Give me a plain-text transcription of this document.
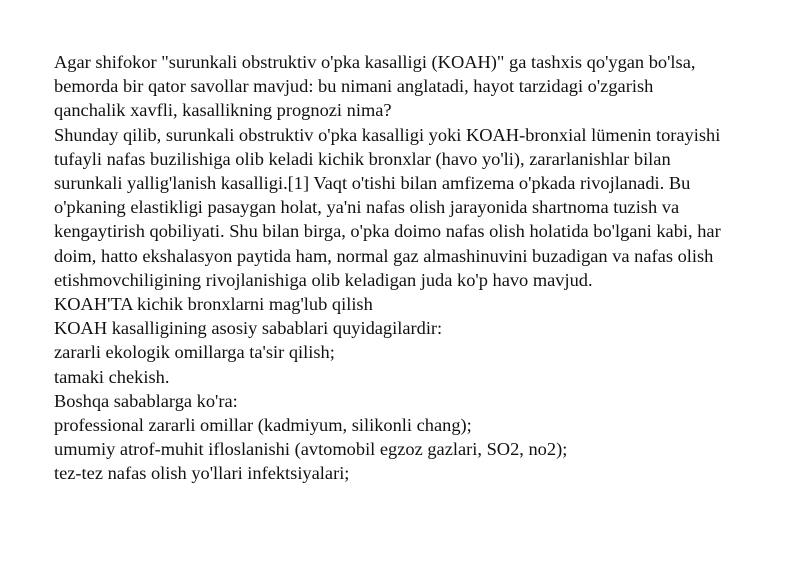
Agar shifokor "surunkali obstruktiv o'pka kasalligi (KOAH)" ga tashxis qo'ygan bo'lsa,
bemorda bir qator savollar mavjud: bu nimani anglatadi, hayot tarzidagi o'zgarish
qanchalik xavfli, kasallikning prognozi nima?
Shunday qilib, surunkali obstruktiv o'pka kasalligi yoki KOAH-bronxial lümenin torayishi
tufayli nafas buzilishiga olib keladi kichik bronxlar (havo yo'li), zararlanishlar bilan
surunkali yallig'lanish kasalligi.[1] Vaqt o'tishi bilan amfizema o'pkada rivojlanadi. Bu
o'pkaning elastikligi pasaygan holat, ya'ni nafas olish jarayonida shartnoma tuzish va
kengaytirish qobiliyati. Shu bilan birga, o'pka doimo nafas olish holatida bo'lgani kabi, har
doim, hatto ekshalasyon paytida ham, normal gaz almashinuvini buzadigan va nafas olish
etishmovchiligining rivojlanishiga olib keladigan juda ko'p havo mavjud.
KOAH'TA kichik bronxlarni mag'lub qilish
KOAH kasalligining asosiy sabablari quyidagilardir:
zararli ekologik omillarga ta'sir qilish;
tamaki chekish.
Boshqa sabablarga ko'ra:
professional zararli omillar (kadmiyum, silikonli chang);
umumiy atrof-muhit ifloslanishi (avtomobil egzoz gazlari, SO2, no2);
tez-tez nafas olish yo'llari infektsiyalari;
